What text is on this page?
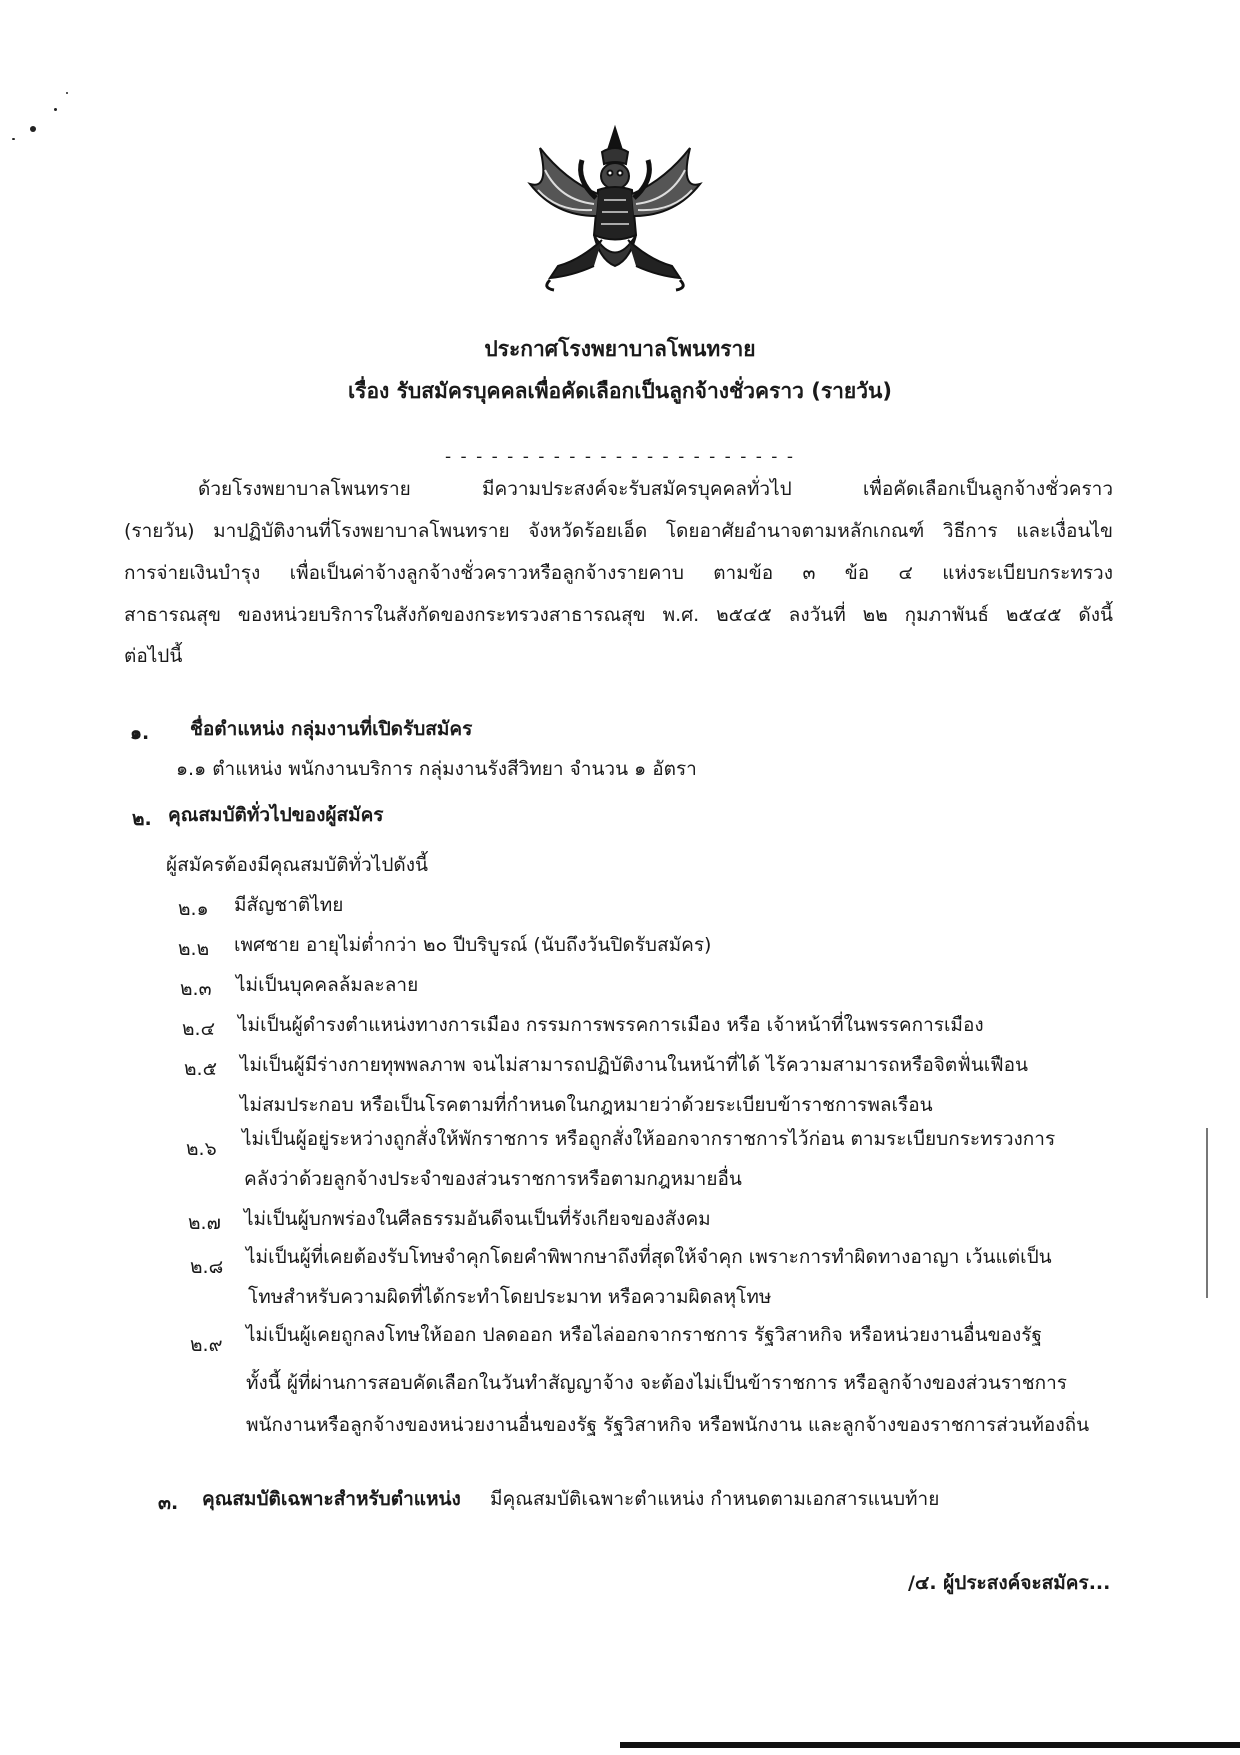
ประกาศโรงพยาบาลโพนทราย
เรื่อง รับสมัครบุคคลเพื่อคัดเลือกเป็นลูกจ้างชั่วคราว (รายวัน)
- - - - - - - - - - - - - - - - - - - - - - -
ด้วยโรงพยาบาลโพนทราย มีความประสงค์จะรับสมัครบุคคลทั่วไป เพื่อคัดเลือกเป็นลูกจ้างชั่วคราว
(รายวัน) มาปฏิบัติงานที่โรงพยาบาลโพนทราย จังหวัดร้อยเอ็ด โดยอาศัยอำนาจตามหลักเกณฑ์ วิธีการ และเงื่อนไข
การจ่ายเงินบำรุง เพื่อเป็นค่าจ้างลูกจ้างชั่วคราวหรือลูกจ้างรายคาบ ตามข้อ ๓ ข้อ ๔ แห่งระเบียบกระทรวง
สาธารณสุข ของหน่วยบริการในสังกัดของกระทรวงสาธารณสุข พ.ศ. ๒๕๔๕ ลงวันที่ ๒๒ กุมภาพันธ์ ๒๕๔๕ ดังนี้
ต่อไปนี้
๑. ชื่อตำแหน่ง กลุ่มงานที่เปิดรับสมัคร
๑.๑ ตำแหน่ง พนักงานบริการ กลุ่มงานรังสีวิทยา จำนวน ๑ อัตรา
๒. คุณสมบัติทั่วไปของผู้สมัคร
ผู้สมัครต้องมีคุณสมบัติทั่วไปดังนี้
๒.๑ มีสัญชาติไทย
๒.๒ เพศชาย อายุไม่ต่ำกว่า ๒๐ ปีบริบูรณ์ (นับถึงวันปิดรับสมัคร)
๒.๓ ไม่เป็นบุคคลล้มละลาย
๒.๔ ไม่เป็นผู้ดำรงตำแหน่งทางการเมือง กรรมการพรรคการเมือง หรือ เจ้าหน้าที่ในพรรคการเมือง
๒.๕ ไม่เป็นผู้มีร่างกายทุพพลภาพ จนไม่สามารถปฏิบัติงานในหน้าที่ได้ ไร้ความสามารถหรือจิตฟั่นเฟือน
ไม่สมประกอบ หรือเป็นโรคตามที่กำหนดในกฎหมายว่าด้วยระเบียบข้าราชการพลเรือน
๒.๖ ไม่เป็นผู้อยู่ระหว่างถูกสั่งให้พักราชการ หรือถูกสั่งให้ออกจากราชการไว้ก่อน ตามระเบียบกระทรวงการ
คลังว่าด้วยลูกจ้างประจำของส่วนราชการหรือตามกฎหมายอื่น
๒.๗ ไม่เป็นผู้บกพร่องในศีลธรรมอันดีจนเป็นที่รังเกียจของสังคม
๒.๘ ไม่เป็นผู้ที่เคยต้องรับโทษจำคุกโดยคำพิพากษาถึงที่สุดให้จำคุก เพราะการทำผิดทางอาญา เว้นแต่เป็น
โทษสำหรับความผิดที่ได้กระทำโดยประมาท หรือความผิดลหุโทษ
๒.๙ ไม่เป็นผู้เคยถูกลงโทษให้ออก ปลดออก หรือไล่ออกจากราชการ รัฐวิสาหกิจ หรือหน่วยงานอื่นของรัฐ
ทั้งนี้ ผู้ที่ผ่านการสอบคัดเลือกในวันทำสัญญาจ้าง จะต้องไม่เป็นข้าราชการ หรือลูกจ้างของส่วนราชการ
พนักงานหรือลูกจ้างของหน่วยงานอื่นของรัฐ รัฐวิสาหกิจ หรือพนักงาน และลูกจ้างของราชการส่วนท้องถิ่น
๓. คุณสมบัติเฉพาะสำหรับตำแหน่ง มีคุณสมบัติเฉพาะตำแหน่ง กำหนดตามเอกสารแนบท้าย
/๔. ผู้ประสงค์จะสมัคร...
